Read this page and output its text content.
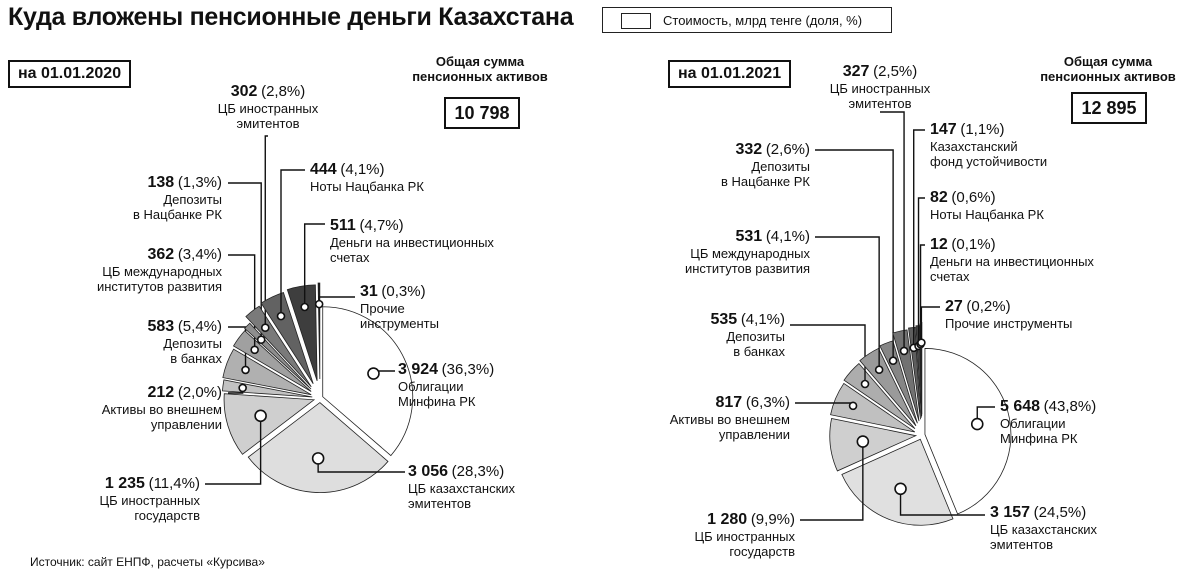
Куда вложены пенсионные деньги Казахстана	Стоимость, млрд тенге (доля, %)
на 01.01.2020
Общая сумма пенсионных активов
10 798
на 01.01.2021
Общая сумма пенсионных активов
12 895
Источник: сайт ЕНПФ, расчеты «Курсива»
3 924 (36,3%)
Облигации
Минфина РК
3 056 (28,3%)
ЦБ казахстанских
эмитентов
1 235 (11,4%)
ЦБ иностранных
государств
212 (2,0%)
Активы во внешнем
управлении
583 (5,4%)
Депозиты
в банках
362 (3,4%)
ЦБ международных
институтов развития
138 (1,3%)
Депозиты
в Нацбанке РК
302 (2,8%)
ЦБ иностранных
эмитентов
444 (4,1%)
Ноты Нацбанка РК
511 (4,7%)
Деньги на инвестиционных
счетах
31 (0,3%)
Прочие
инструменты
5 648 (43,8%)
Облигации
Минфина РК
3 157 (24,5%)
ЦБ казахстанских
эмитентов
1 280 (9,9%)
ЦБ иностранных
государств
817 (6,3%)
Активы во внешнем
управлении
535 (4,1%)
Депозиты
в банках
531 (4,1%)
ЦБ международных
институтов развития
332 (2,6%)
Депозиты
в Нацбанке РК
327 (2,5%)
ЦБ иностранных
эмитентов
147 (1,1%)
Казахстанский
фонд устойчивости
82 (0,6%)
Ноты Нацбанка РК
12 (0,1%)
Деньги на инвестиционных
счетах
27 (0,2%)
Прочие инструменты
